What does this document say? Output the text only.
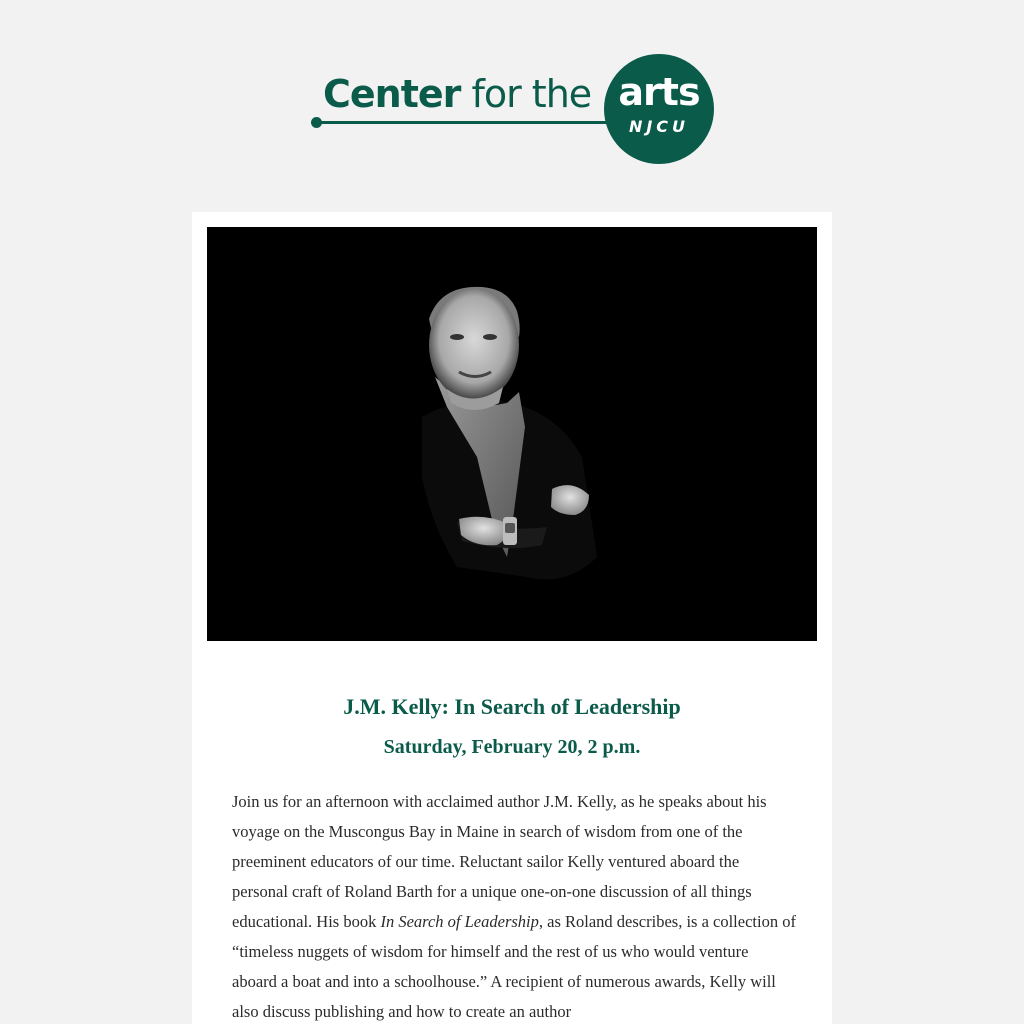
Center for the arts
NJCU
J.M. Kelly: In Search of Leadership
Saturday, February 20, 2 p.m.

Join us for an afternoon with acclaimed author J.M. Kelly, as he speaks about his voyage on the Muscongus Bay in Maine in search of wisdom from one of the preeminent educators of our time. Reluctant sailor Kelly ventured aboard the personal craft of Roland Barth for a unique one-on-one discussion of all things educational. His book In Search of Leadership, as Roland describes, is a collection of “timeless nuggets of wisdom for himself and the rest of us who would venture aboard a boat and into a schoolhouse.” A recipient of numerous awards, Kelly will also discuss publishing and how to create an author
